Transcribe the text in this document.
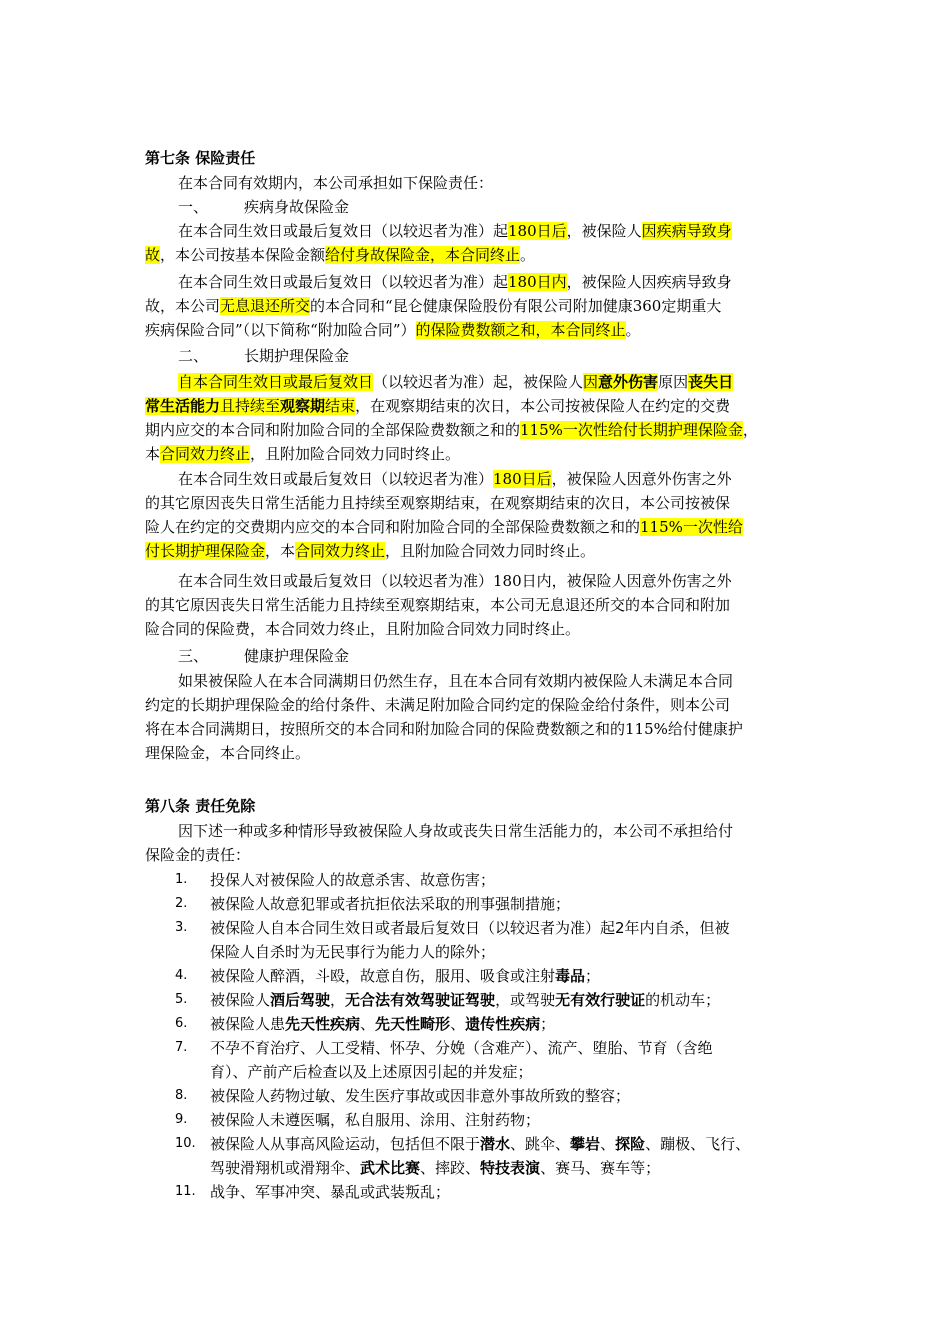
第七条 保险责任
在本合同有效期内，本公司承担如下保险责任：
一、 疾病身故保险金
在本合同生效日或最后复效日（以较迟者为准）起180日后，被保险人因疾病导致身
故，本公司按基本保险金额给付身故保险金，本合同终止。
在本合同生效日或最后复效日（以较迟者为准）起180日内，被保险人因疾病导致身
故，本公司无息退还所交的本合同和“昆仑健康保险股份有限公司附加健康360定期重大
疾病保险合同”（以下简称“附加险合同”）的保险费数额之和，本合同终止。
二、 长期护理保险金
自本合同生效日或最后复效日（以较迟者为准）起，被保险人因意外伤害原因丧失日
常生活能力且持续至观察期结束，在观察期结束的次日，本公司按被保险人在约定的交费
期内应交的本合同和附加险合同的全部保险费数额之和的115%一次性给付长期护理保险金，
本合同效力终止，且附加险合同效力同时终止。
在本合同生效日或最后复效日（以较迟者为准）180日后，被保险人因意外伤害之外
的其它原因丧失日常生活能力且持续至观察期结束，在观察期结束的次日，本公司按被保
险人在约定的交费期内应交的本合同和附加险合同的全部保险费数额之和的115%一次性给
付长期护理保险金，本合同效力终止，且附加险合同效力同时终止。
在本合同生效日或最后复效日（以较迟者为准）180日内，被保险人因意外伤害之外
的其它原因丧失日常生活能力且持续至观察期结束，本公司无息退还所交的本合同和附加
险合同的保险费，本合同效力终止，且附加险合同效力同时终止。
三、 健康护理保险金
如果被保险人在本合同满期日仍然生存，且在本合同有效期内被保险人未满足本合同
约定的长期护理保险金的给付条件、未满足附加险合同约定的保险金给付条件，则本公司
将在本合同满期日，按照所交的本合同和附加险合同的保险费数额之和的115%给付健康护
理保险金，本合同终止。
第八条 责任免除
因下述一种或多种情形导致被保险人身故或丧失日常生活能力的，本公司不承担给付
保险金的责任：
1. 投保人对被保险人的故意杀害、故意伤害；
2. 被保险人故意犯罪或者抗拒依法采取的刑事强制措施；
3. 被保险人自本合同生效日或者最后复效日（以较迟者为准）起2年内自杀，但被
保险人自杀时为无民事行为能力人的除外；
4. 被保险人醉酒，斗殴，故意自伤，服用、吸食或注射毒品；
5. 被保险人酒后驾驶，无合法有效驾驶证驾驶，或驾驶无有效行驶证的机动车；
6. 被保险人患先天性疾病、先天性畸形、遗传性疾病；
7. 不孕不育治疗、人工受精、怀孕、分娩（含难产）、流产、堕胎、节育（含绝
育）、产前产后检查以及上述原因引起的并发症；
8. 被保险人药物过敏、发生医疗事故或因非意外事故所致的整容；
9. 被保险人未遵医嘱，私自服用、涂用、注射药物；
10. 被保险人从事高风险运动，包括但不限于潜水、跳伞、攀岩、探险、蹦极、飞行、
驾驶滑翔机或滑翔伞、武术比赛、摔跤、特技表演、赛马、赛车等；
11. 战争、军事冲突、暴乱或武装叛乱；
